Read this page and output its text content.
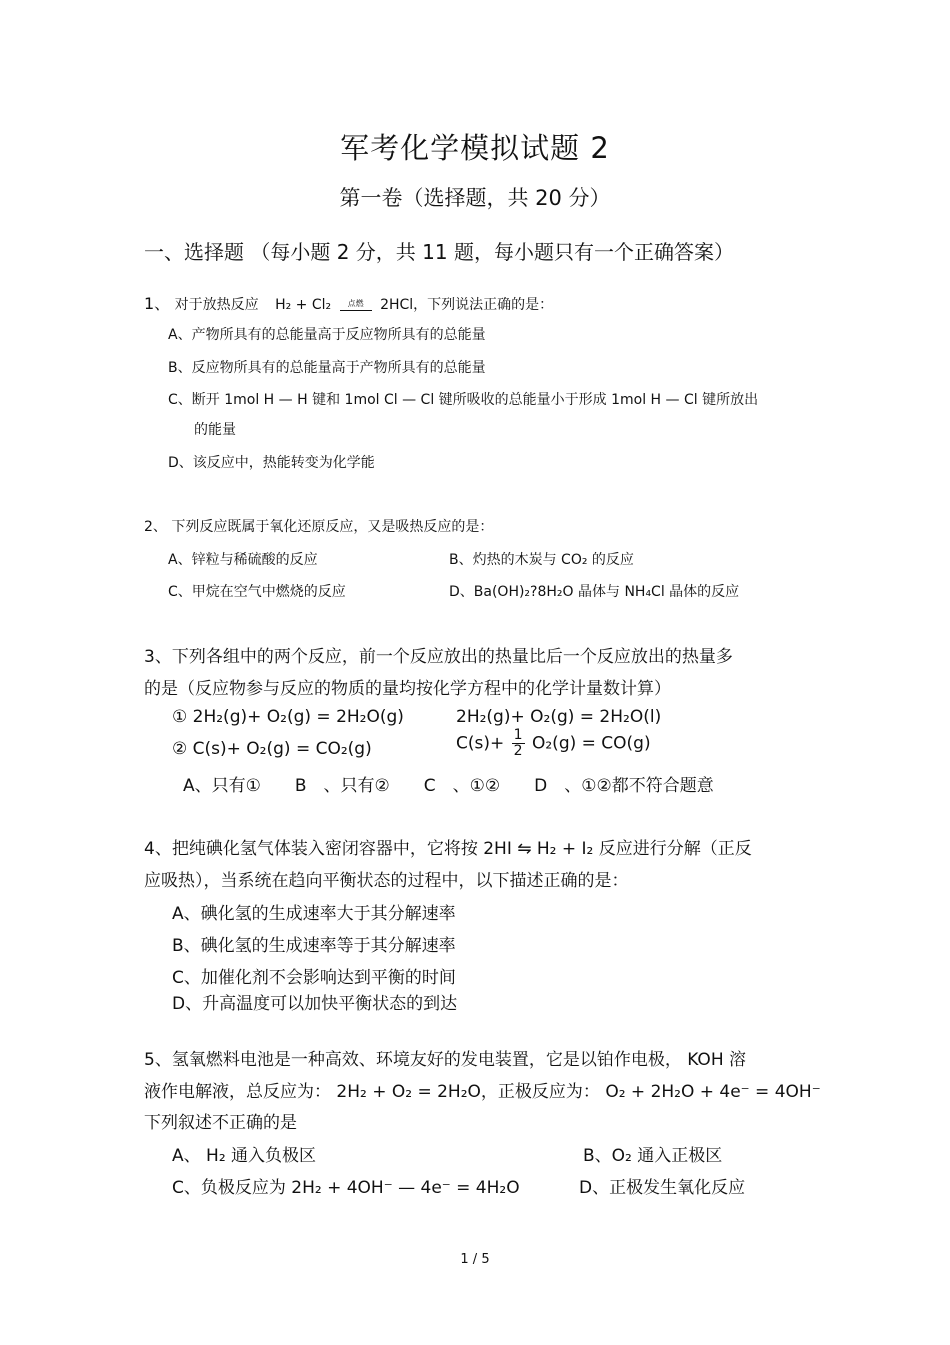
军考化学模拟试题 2
第一卷（选择题，共 20 分）
一、选择题 （每小题 2 分，共 11 题，每小题只有一个正确答案）
1、 对于放热反应 H₂ + Cl₂	点燃	2HCl，下列说法正确的是：
A、产物所具有的总能量高于反应物所具有的总能量
B、反应物所具有的总能量高于产物所具有的总能量
C、断开 1mol H — H 键和 1mol Cl — Cl 键所吸收的总能量小于形成 1mol H — Cl 键所放出
的能量
D、该反应中，热能转变为化学能
2、 下列反应既属于氧化还原反应，又是吸热反应的是：
A、锌粒与稀硫酸的反应	B、灼热的木炭与 CO₂ 的反应
C、甲烷在空气中燃烧的反应	D、Ba(OH)₂?8H₂O 晶体与 NH₄Cl 晶体的反应
3、下列各组中的两个反应，前一个反应放出的热量比后一个反应放出的热量多
的是（反应物参与反应的物质的量均按化学方程中的化学计量数计算）
① 2H₂(g)+ O₂(g) = 2H₂O(g)	2H₂(g)+ O₂(g) = 2H₂O(l)
② C(s)+ O₂(g) = CO₂(g)	$C(s)+ \frac{1}{2} O_2(g) = CO(g)$
A、只有①　　B　、只有②　　C　、①②　　D　、①②都不符合题意
4、把纯碘化氢气体装入密闭容器中，它将按 2HI ⇋ H₂ + I₂ 反应进行分解（正反
应吸热），当系统在趋向平衡状态的过程中，以下描述正确的是：
A、碘化氢的生成速率大于其分解速率
B、碘化氢的生成速率等于其分解速率
C、加催化剂不会影响达到平衡的时间
D、升高温度可以加快平衡状态的到达
5、氢氧燃料电池是一种高效、环境友好的发电装置，它是以铂作电极， KOH 溶
液作电解液，总反应为： 2H₂ + O₂ = 2H₂O，正极反应为： O₂ + 2H₂O + 4e⁻ = 4OH⁻
下列叙述不正确的是
A、 H₂ 通入负极区	B、O₂ 通入正极区
C、负极反应为 2H₂ + 4OH⁻ — 4e⁻ = 4H₂O	D、正极发生氧化反应
1 / 5
